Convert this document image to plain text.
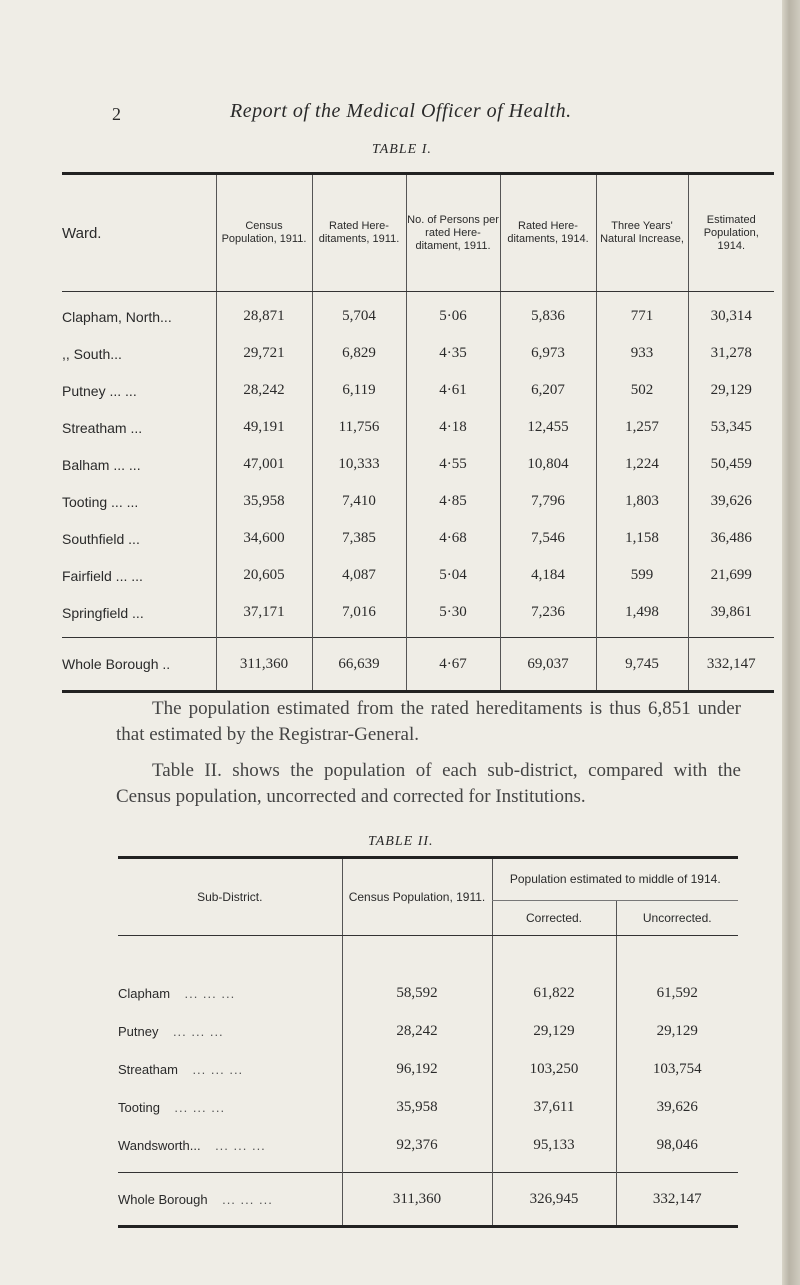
2	Report of the Medical Officer of Health.
TABLE I.
Ward.	Census Population, 1911.	Rated Here- ditaments, 1911.	No. of Persons per rated Here- ditament, 1911.	Rated Here- ditaments, 1914.	Three Years' Natural Increase,	Estimated Population, 1914.

Clapham, North...	28,871	5,704	5·06	5,836	771	30,314
,, South...	29,721	6,829	4·35	6,973	933	31,278
Putney ... ...	28,242	6,119	4·61	6,207	502	29,129
Streatham ...	49,191	11,756	4·18	12,455	1,257	53,345
Balham ... ...	47,001	10,333	4·55	10,804	1,224	50,459
Tooting ... ...	35,958	7,410	4·85	7,796	1,803	39,626
Southfield ...	34,600	7,385	4·68	7,546	1,158	36,486
Fairfield ... ...	20,605	4,087	5·04	4,184	599	21,699
Springfield ...	37,171	7,016	5·30	7,236	1,498	39,861

Whole Borough ..	311,360	66,639	4·67	69,037	9,745	332,147
The population estimated from the rated hereditaments is thus 6,851 under that estimated by the Registrar-General.
Table II. shows the population of each sub-district, compared with the Census population, uncorrected and corrected for Institutions.
TABLE II.
Sub-District.	Census Population, 1911.	Population estimated to middle of 1914.	
		Corrected.	Uncorrected.

Clapham ... ... ...	58,592	61,822	61,592
Putney ... ... ...	28,242	29,129	29,129
Streatham ... ... ...	96,192	103,250	103,754
Tooting ... ... ...	35,958	37,611	39,626
Wandsworth... ... ... ...	92,376	95,133	98,046

Whole Borough ... ... ...	311,360	326,945	332,147
